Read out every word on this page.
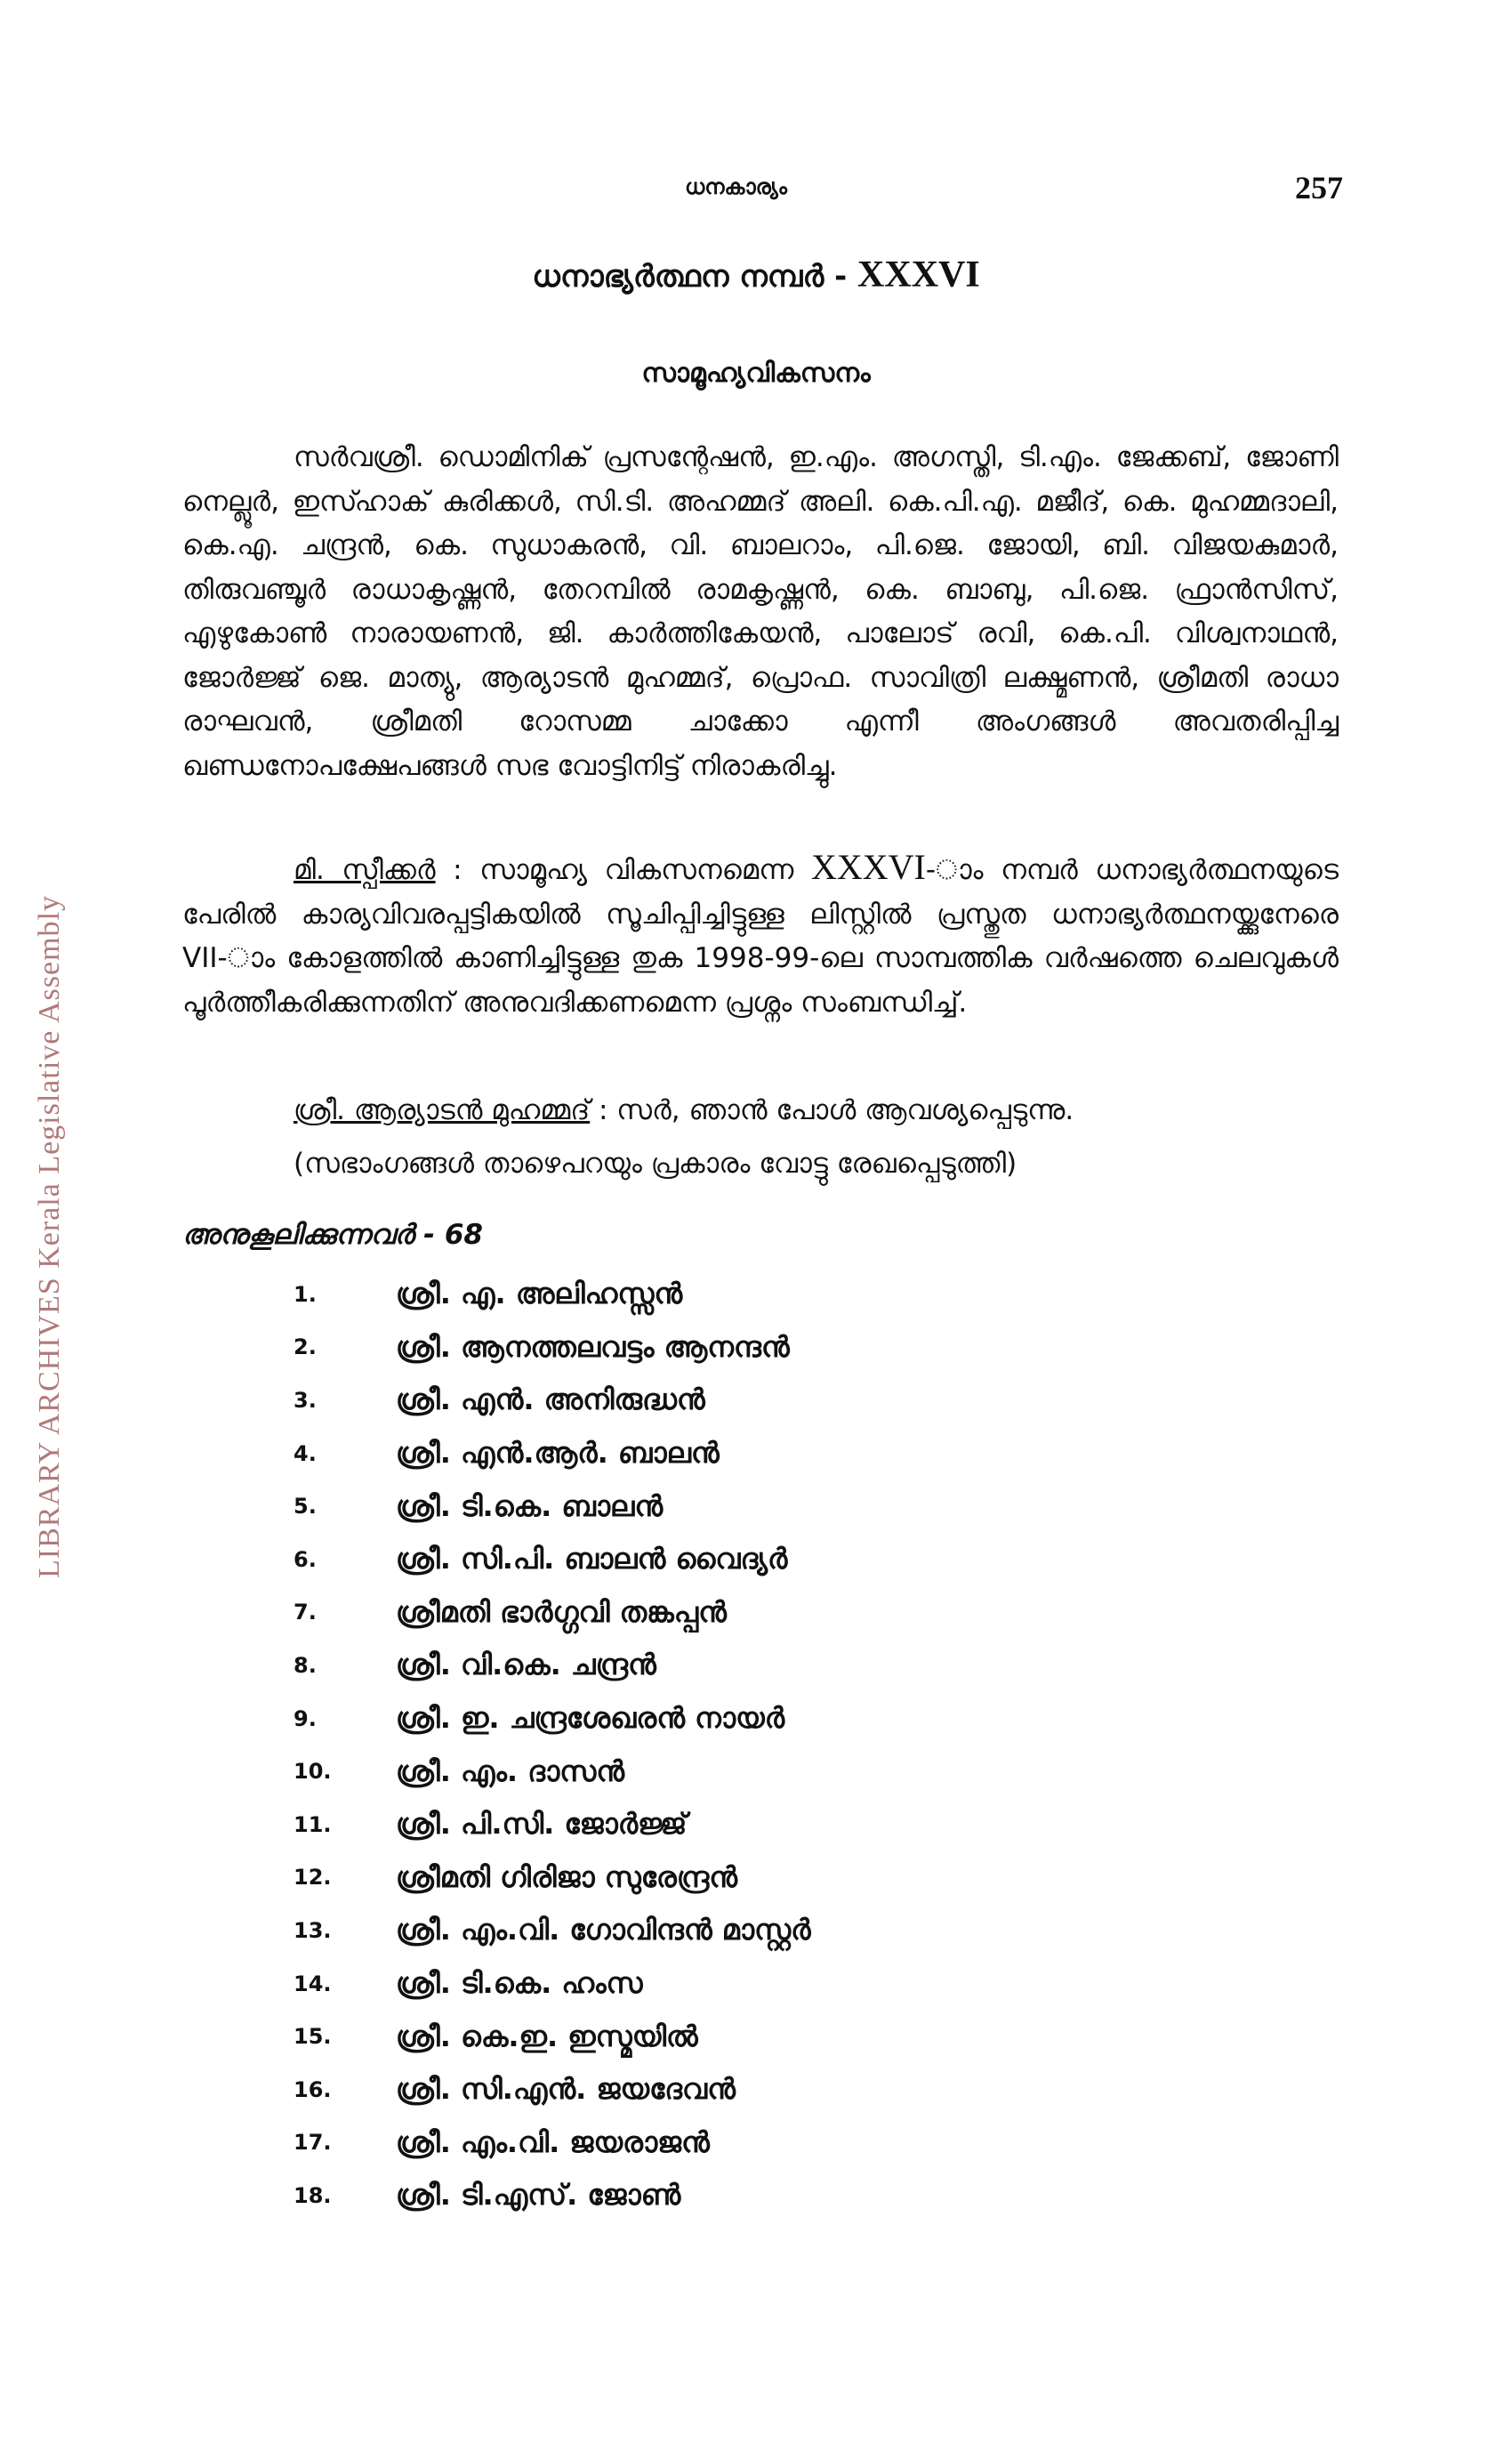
LIBRARY ARCHIVES Kerala Legislative Assembly
ധനകാര്യം	257
ധനാഭ്യർത്ഥന നമ്പർ - XXXVI
സാമൂഹ്യവികസനം

സർവശ്രീ. ഡൊമിനിക് പ്രസന്റേഷൻ, ഇ.എം. അഗസ്തി, ടി.എം. ജേക്കബ്, ജോണി നെല്ലൂർ, ഇസ്ഹാക് കുരിക്കൾ, സി.ടി. അഹമ്മദ് അലി. കെ.പി.എ. മജീദ്, കെ. മുഹമ്മദാലി, കെ.എ. ചന്ദ്രൻ, കെ. സുധാകരൻ, വി. ബാലറാം, പി.ജെ. ജോയി, ബി. വിജയകുമാർ, തിരുവഞ്ചൂർ രാധാകൃഷ്ണൻ, തേറമ്പിൽ രാമകൃഷ്ണൻ, കെ. ബാബു, പി.ജെ. ഫ്രാൻസിസ്, എഴുകോൺ നാരായണൻ, ജി. കാർത്തികേയൻ, പാലോട് രവി, കെ.പി. വിശ്വനാഥൻ, ജോർജ്ജ് ജെ. മാത്യു, ആര്യാടൻ മുഹമ്മദ്, പ്രൊഫ. സാവിത്രി ലക്ഷ്മണൻ, ശ്രീമതി രാധാ രാഘവൻ, ശ്രീമതി റോസമ്മ ചാക്കോ എന്നീ അംഗങ്ങൾ അവതരിപ്പിച്ച ഖണ്ഡനോപക്ഷേപങ്ങൾ സഭ വോട്ടിനിട്ട് നിരാകരിച്ചു.

മി. സ്പീക്കർ : സാമൂഹ്യ വികസനമെന്ന XXXVI-ാം നമ്പർ ധനാഭ്യർത്ഥനയുടെ പേരിൽ കാര്യവിവരപ്പട്ടികയിൽ സൂചിപ്പിച്ചിട്ടുള്ള ലിസ്റ്റിൽ പ്രസ്തുത ധനാഭ്യർത്ഥനയ്ക്കുനേരെ VII-ാം കോളത്തിൽ കാണിച്ചിട്ടുള്ള തുക 1998-99-ലെ സാമ്പത്തിക വർഷത്തെ ചെലവുകൾ പൂർത്തീകരിക്കുന്നതിന് അനുവദിക്കണമെന്ന പ്രശ്നം സംബന്ധിച്ച്.

ശ്രീ. ആര്യാടൻ മുഹമ്മദ് : സർ, ഞാൻ പോൾ ആവശ്യപ്പെടുന്നു.
(സഭാംഗങ്ങൾ താഴെപറയും പ്രകാരം വോട്ടു രേഖപ്പെടുത്തി)
അനുകൂലിക്കുന്നവർ - 68
1.	ശ്രീ. എ. അലിഹസ്സൻ
2.	ശ്രീ. ആനത്തലവട്ടം ആനന്ദൻ
3.	ശ്രീ. എൻ. അനിരുദ്ധൻ
4.	ശ്രീ. എൻ.ആർ. ബാലൻ
5.	ശ്രീ. ടി.കെ. ബാലൻ
6.	ശ്രീ. സി.പി. ബാലൻ വൈദ്യർ
7.	ശ്രീമതി ഭാർഗ്ഗവി തങ്കപ്പൻ
8.	ശ്രീ. വി.കെ. ചന്ദ്രൻ
9.	ശ്രീ. ഇ. ചന്ദ്രശേഖരൻ നായർ
10.	ശ്രീ. എം. ദാസൻ
11.	ശ്രീ. പി.സി. ജോർജ്ജ്
12.	ശ്രീമതി ഗിരിജാ സുരേന്ദ്രൻ
13.	ശ്രീ. എം.വി. ഗോവിന്ദൻ മാസ്റ്റർ
14.	ശ്രീ. ടി.കെ. ഹംസ
15.	ശ്രീ. കെ.ഇ. ഇസ്മയിൽ
16.	ശ്രീ. സി.എൻ. ജയദേവൻ
17.	ശ്രീ. എം.വി. ജയരാജൻ
18.	ശ്രീ. ടി.എസ്. ജോൺ
